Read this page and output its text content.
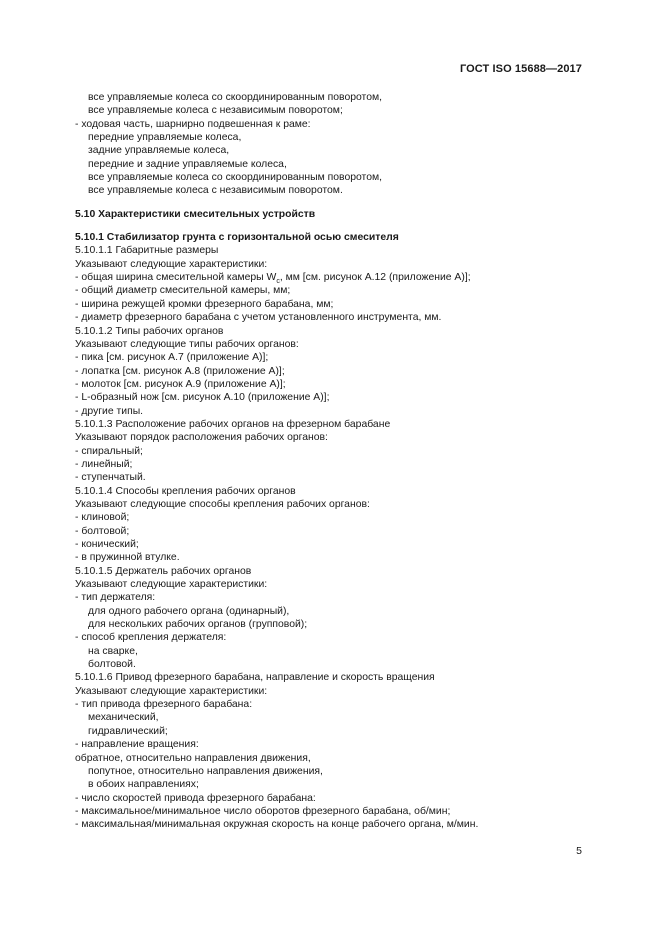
ГОСТ ISO 15688—2017
все управляемые колеса со скоординированным поворотом,
все управляемые колеса с независимым поворотом;
- ходовая часть, шарнирно подвешенная к раме:
передние управляемые колеса,
задние управляемые колеса,
передние и задние управляемые колеса,
все управляемые колеса со скоординированным поворотом,
все управляемые колеса с независимым поворотом.
5.10 Характеристики смесительных устройств
5.10.1 Стабилизатор грунта с горизонтальной осью смесителя
5.10.1.1 Габаритные размеры
Указывают следующие характеристики:
- общая ширина смесительной камеры $W_c$, мм [см. рисунок А.12 (приложение А)];
- общий диаметр смесительной камеры, мм;
- ширина режущей кромки фрезерного барабана, мм;
- диаметр фрезерного барабана с учетом установленного инструмента, мм.
5.10.1.2 Типы рабочих органов
Указывают следующие типы рабочих органов:
- пика [см. рисунок А.7 (приложение А)];
- лопатка [см. рисунок А.8 (приложение А)];
- молоток [см. рисунок А.9 (приложение А)];
- L-образный нож [см. рисунок А.10 (приложение А)];
- другие типы.
5.10.1.3 Расположение рабочих органов на фрезерном барабане
Указывают порядок расположения рабочих органов:
- спиральный;
- линейный;
- ступенчатый.
5.10.1.4 Способы крепления рабочих органов
Указывают следующие способы крепления рабочих органов:
- клиновой;
- болтовой;
- конический;
- в пружинной втулке.
5.10.1.5 Держатель рабочих органов
Указывают следующие характеристики:
- тип держателя:
для одного рабочего органа (одинарный),
для нескольких рабочих органов (групповой);
- способ крепления держателя:
на сварке,
болтовой.
5.10.1.6 Привод фрезерного барабана, направление и скорость вращения
Указывают следующие характеристики:
- тип привода фрезерного барабана:
механический,
гидравлический;
- направление вращения:
обратное, относительно направления движения,
попутное, относительно направления движения,
в обоих направлениях;
- число скоростей привода фрезерного барабана:
- максимальное/минимальное число оборотов фрезерного барабана, об/мин;
- максимальная/минимальная окружная скорость на конце рабочего органа, м/мин.
5
